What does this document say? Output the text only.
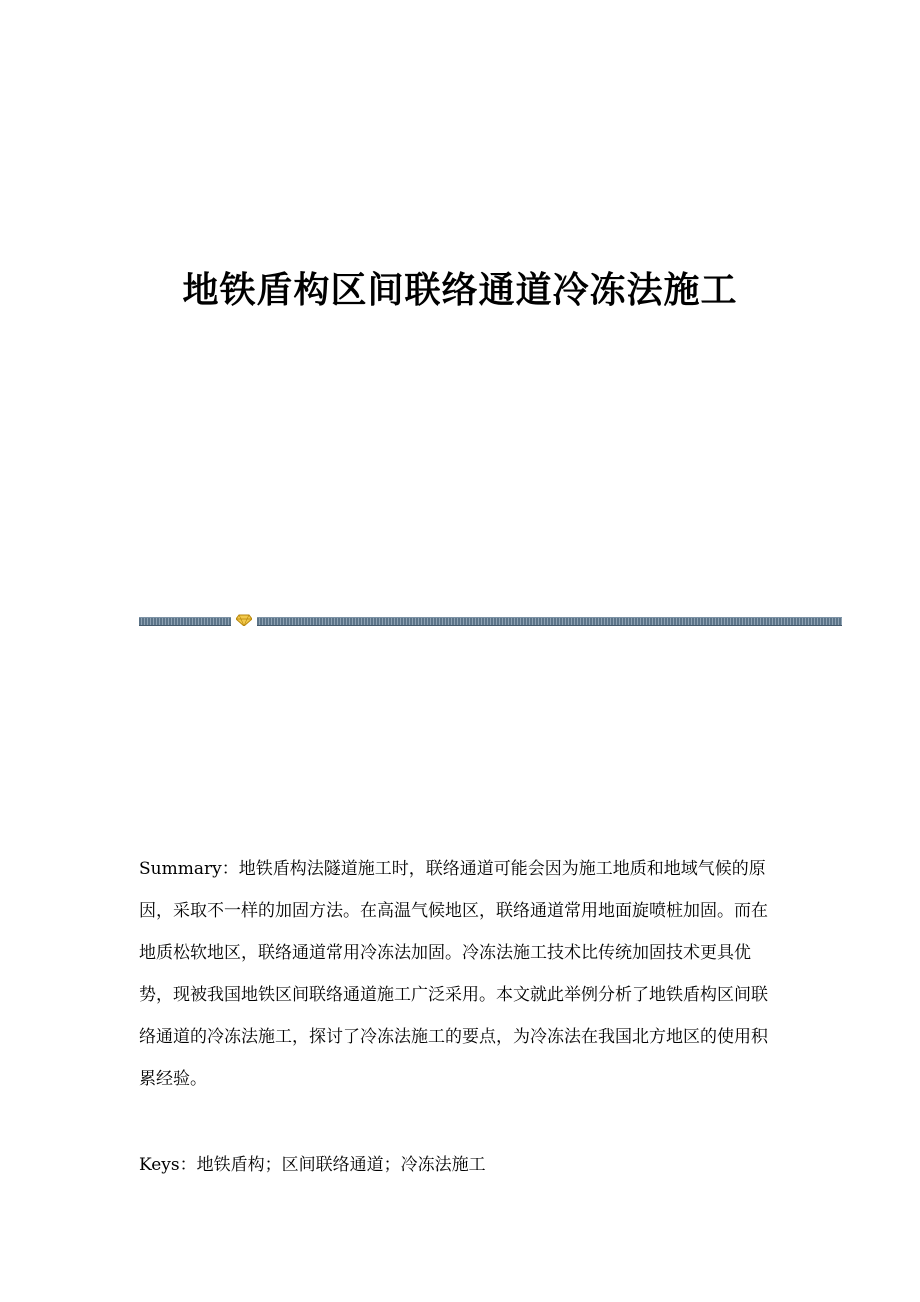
地铁盾构区间联络通道冷冻法施工

Summary：地铁盾构法隧道施工时，联络通道可能会因为施工地质和地域气候的原因，采取不一样的加固方法。在高温气候地区，联络通道常用地面旋喷桩加固。而在地质松软地区，联络通道常用冷冻法加固。冷冻法施工技术比传统加固技术更具优势，现被我国地铁区间联络通道施工广泛采用。本文就此举例分析了地铁盾构区间联络通道的冷冻法施工，探讨了冷冻法施工的要点，为冷冻法在我国北方地区的使用积累经验。

Keys：地铁盾构；区间联络通道；冷冻法施工
